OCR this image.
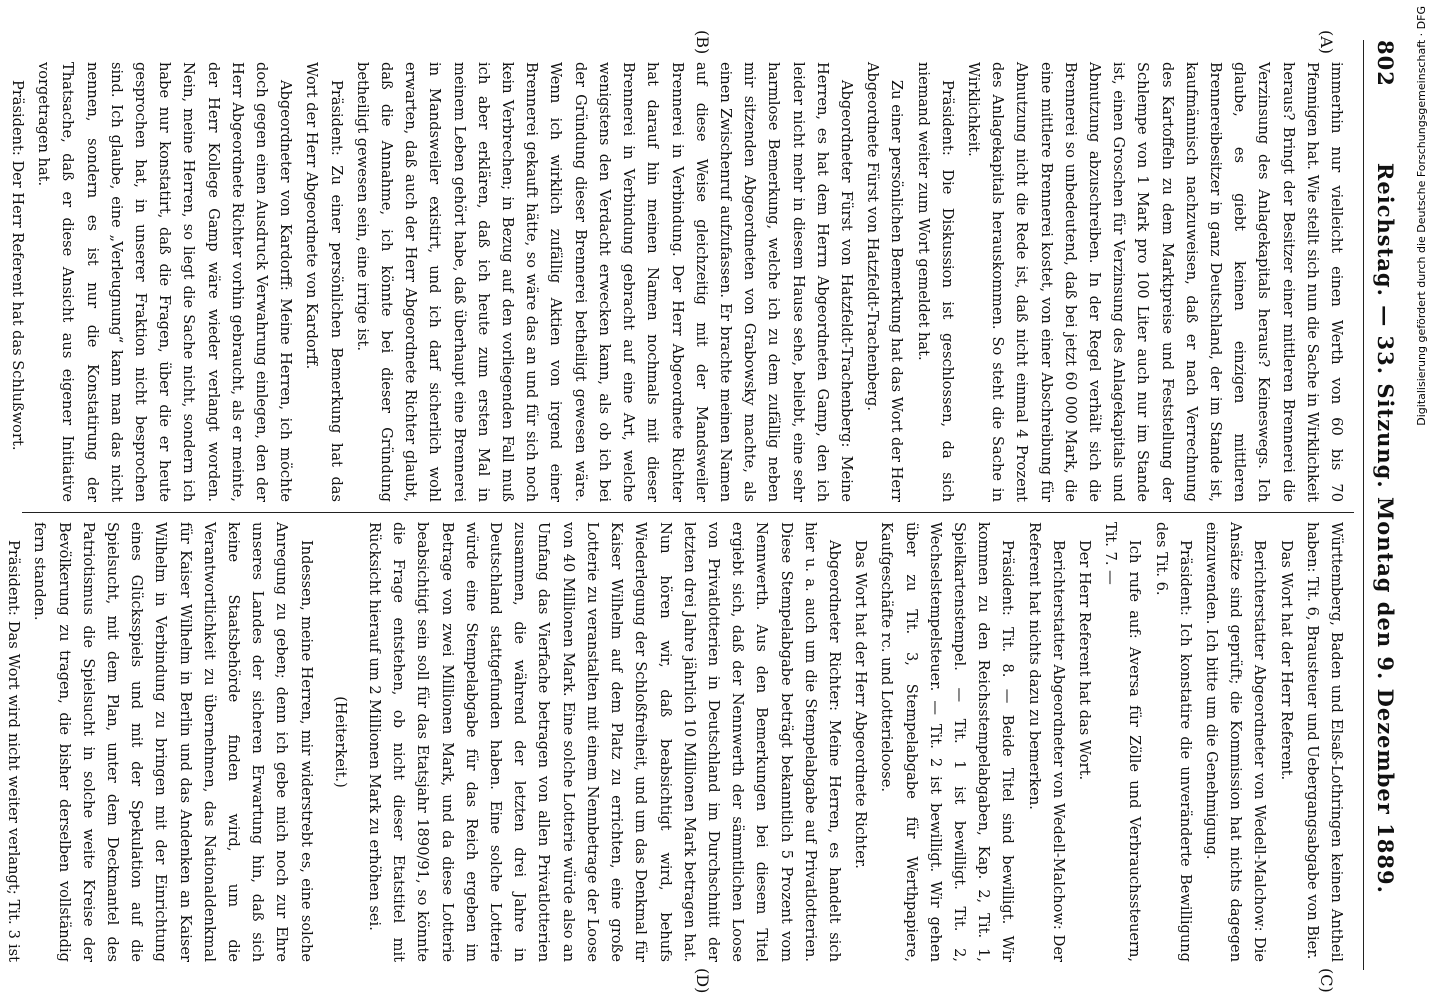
802
Reichstag. — 33. Sitzung. Montag den 9. Dezember 1889.
(A)
(B)
(C)
(D)

immerhin nur vielleicht einen Werth von 60 bis 70 Pfennigen hat. Wie stellt sich nun die Sache in Wirklichkeit heraus? Bringt der Besitzer einer mittleren Brennerei die Verzinsung des Anlagekapitals heraus? Keineswegs. Ich glaube, es giebt keinen einzigen mittleren Brennereibesitzer in ganz Deutschland, der im Stande ist, kaufmännisch nachzuweisen, daß er nach Verrechnung des Kartoffeln zu dem Marktpreise und Feststellung der Schlempe von 1 Mark pro 100 Liter auch nur im Stande ist, einen Groschen für Verzinsung des Anlagekapitals und Abnutzung abzuschreiben. In der Regel verhält sich die Brennerei so unbedeutend, daß bei jetzt 60 000 Mark, die eine mittlere Brennerei kostet, von einer Abschreibung für Abnutzung nicht die Rede ist, daß nicht einmal 4 Prozent des Anlagekapitals herauskommen. So steht die Sache in Wirklichkeit.

Präsident: Die Diskussion ist geschlossen, da sich niemand weiter zum Wort gemeldet hat.

Zu einer persönlichen Bemerkung hat das Wort der Herr Abgeordnete Fürst von Hatzfeldt-Trachenberg.

Abgeordneter Fürst von Hatzfeldt-Trachenberg: Meine Herren, es hat dem Herrn Abgeordneten Gamp, den ich leider nicht mehr in diesem Hause sehe, beliebt, eine sehr harmlose Bemerkung, welche ich zu dem zufällig neben mir sitzenden Abgeordneten von Grabowsky machte, als einen Zwischenruf aufzufassen. Er brachte meinen Namen auf diese Weise gleichzeitig mit der Mandsweiler Brennerei in Verbindung. Der Herr Abgeordnete Richter hat darauf hin meinen Namen nochmals mit dieser Brennerei in Verbindung gebracht auf eine Art, welche wenigstens den Verdacht erwecken kann, als ob ich bei der Gründung dieser Brennerei betheiligt gewesen wäre. Wenn ich wirklich zufällig Aktien von irgend einer Brennerei gekauft hätte, so wäre das an und für sich noch kein Verbrechen; in Bezug auf den vorliegenden Fall muß ich aber erklären, daß ich heute zum ersten Mal in meinem Leben gehört habe, daß überhaupt eine Brennerei in Mandsweiler existirt, und ich darf sicherlich wohl erwarten, daß auch der Herr Abgeordnete Richter glaubt, daß die Annahme, ich könnte bei dieser Gründung betheiligt gewesen sein, eine irrige ist.

Präsident: Zu einer persönlichen Bemerkung hat das Wort der Herr Abgeordnete von Kardorff.

Abgeordneter von Kardorff: Meine Herren, ich möchte doch gegen einen Ausdruck Verwahrung einlegen, den der Herr Abgeordnete Richter vorhin gebraucht, als er meinte, der Herr Kollege Gamp wäre wieder verlangt worden. Nein, meine Herren, so liegt die Sache nicht, sondern ich habe nur konstatirt, daß die Fragen, über die er heute gesprochen hat, in unserer Fraktion nicht besprochen sind. Ich glaube, eine „Verleugnung“ kann man das nicht nennen, sondern es ist nur die Konstatirung der Thatsache, daß er diese Ansicht aus eigener Initiative vorgetragen hat.

Präsident: Der Herr Referent hat das Schlußwort.

Württemberg, Baden und Elsaß-Lothringen keinen Antheil haben: Tit. 6, Brausteuer und Uebergangsabgabe von Bier.

Das Wort hat der Herr Referent.

Berichterstatter Abgeordneter von Wedell-Malchow: Die Ansätze sind geprüft; die Kommission hat nichts dagegen einzuwenden. Ich bitte um die Genehmigung.

Präsident: Ich konstatire die unveränderte Bewilligung des Tit. 6.

Ich rufe auf: Aversa für Zölle und Verbrauchssteuern, Tit. 7. —

Der Herr Referent hat das Wort.

Berichterstatter Abgeordneter von Wedell-Malchow: Der Referent hat nichts dazu zu bemerken.

Präsident: Tit. 8. — Beide Titel sind bewilligt. Wir kommen zu den Reichsstempelabgaben, Kap. 2, Tit. 1, Spielkartenstempel. — Tit. 1 ist bewilligt. Tit. 2, Wechselstempelsteuer. — Tit. 2 ist bewilligt. Wir gehen über zu Tit. 3, Stempelabgabe für Werthpapiere, Kaufgeschäfte rc. und Lotterieloose.

Das Wort hat der Herr Abgeordnete Richter.

Abgeordneter Richter: Meine Herren, es handelt sich hier u. a. auch um die Stempelabgabe auf Privatlotterien. Diese Stempelabgabe beträgt bekanntlich 5 Prozent vom Nennwerth. Aus den Bemerkungen bei diesem Titel ergiebt sich, daß der Nennwerth der sämmtlichen Loose von Privatlotterien in Deutschland im Durchschnitt der letzten drei Jahre jährlich 10 Millionen Mark betragen hat. Nun hören wir, daß beabsichtigt wird, behufs Wiederlegung der Schloßfreiheit, und um das Denkmal für Kaiser Wilhelm auf dem Platz zu errichten, eine große Lotterie zu veranstalten mit einem Nennbetrage der Loose von 40 Millionen Mark. Eine solche Lotterie würde also an Umfang das Vierfache betragen von allen Privatlotterien zusammen, die während der letzten drei Jahre in Deutschland stattgefunden haben. Eine solche Lotterie würde eine Stempelabgabe für das Reich ergeben im Betrage von zwei Millionen Mark, und da diese Lotterie beabsichtigt sein soll für das Etatsjahr 1890/91, so könnte die Frage entstehen, ob nicht dieser Etatstitel mit Rücksicht hierauf um 2 Millionen Mark zu erhöhen sei.

(Heiterkeit.)

Indessen, meine Herren, mir widerstrebt es, eine solche Anregung zu geben; denn ich gebe mich noch zur Ehre unseres Landes der sicheren Erwartung hin, daß sich keine Staatsbehörde finden wird, um die Verantwortlichkeit zu übernehmen, das Nationaldenkmal für Kaiser Wilhelm in Berlin und das Andenken an Kaiser Wilhelm in Verbindung zu bringen mit der Einrichtung eines Glücksspiels und mit der Spekulation auf die Spielsucht, mit dem Plan, unter dem Deckmantel des Patriotismus die Spielsucht in solche weite Kreise der Bevölkerung zu tragen, die bisher derselben vollständig fern standen.

Präsident: Das Wort wird nicht weiter verlangt; Tit. 3 ist

Digitalisierung gefördert durch die Deutsche Forschungsgemeinschaft · DFG
